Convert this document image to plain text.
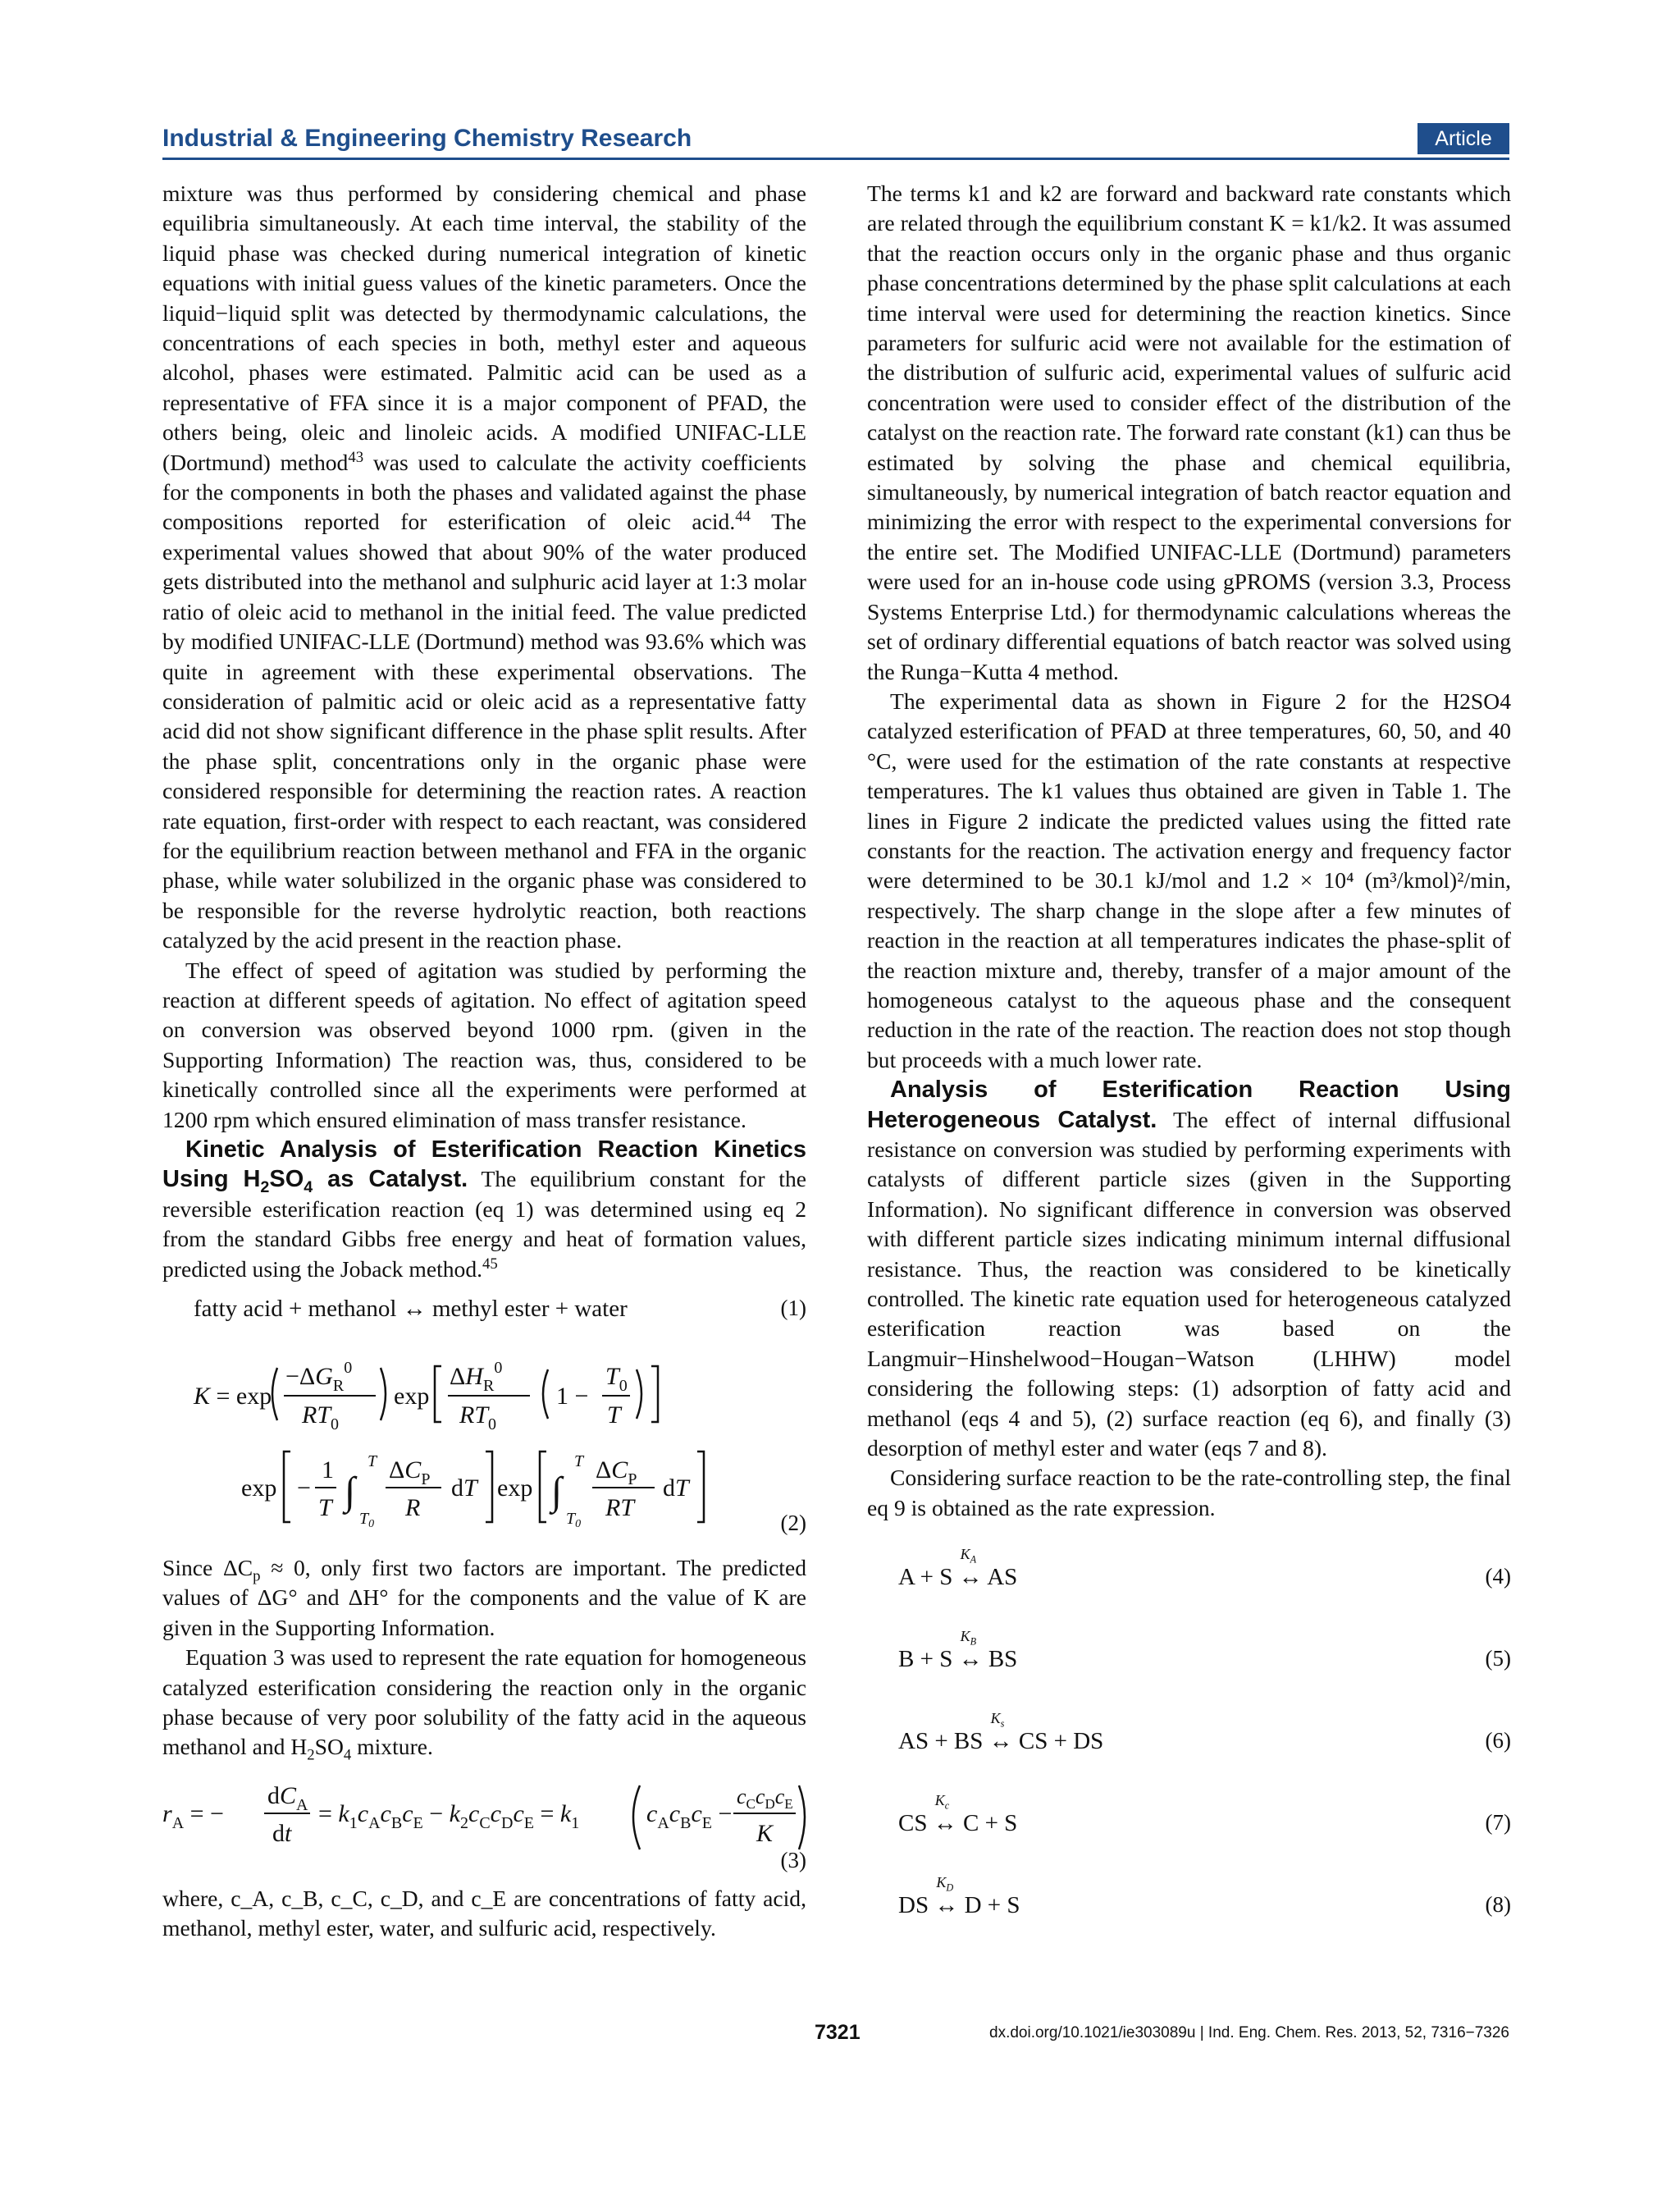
Industrial & Engineering Chemistry Research	Article

mixture was thus performed by considering chemical and phase equilibria simultaneously. At each time interval, the stability of the liquid phase was checked during numerical integration of kinetic equations with initial guess values of the kinetic parameters. Once the liquid−liquid split was detected by thermodynamic calculations, the concentrations of each species in both, methyl ester and aqueous alcohol, phases were estimated. Palmitic acid can be used as a representative of FFA since it is a major component of PFAD, the others being, oleic and linoleic acids. A modified UNIFAC-LLE (Dortmund) method$^{43}$ was used to calculate the activity coefficients for the components in both the phases and validated against the phase compositions reported for esterification of oleic acid.$^{44}$ The experimental values showed that about 90% of the water produced gets distributed into the methanol and sulphuric acid layer at 1:3 molar ratio of oleic acid to methanol in the initial feed. The value predicted by modified UNIFAC-LLE (Dortmund) method was 93.6% which was quite in agreement with these experimental observations. The consideration of palmitic acid or oleic acid as a representative fatty acid did not show significant difference in the phase split results. After the phase split, concentrations only in the organic phase were considered responsible for determining the reaction rates. A reaction rate equation, first-order with respect to each reactant, was considered for the equilibrium reaction between methanol and FFA in the organic phase, while water solubilized in the organic phase was considered to be responsible for the reverse hydrolytic reaction, both reactions catalyzed by the acid present in the reaction phase.

The effect of speed of agitation was studied by performing the reaction at different speeds of agitation. No effect of agitation speed on conversion was observed beyond 1000 rpm. (given in the Supporting Information) The reaction was, thus, considered to be kinetically controlled since all the experiments were performed at 1200 rpm which ensured elimination of mass transfer resistance.

Kinetic Analysis of Esterification Reaction Kinetics Using $H_2SO_4$ as Catalyst. The equilibrium constant for the reversible esterification reaction (eq 1) was determined using eq 2 from the standard Gibbs free energy and heat of formation values, predicted using the Joback method.$^{45}$

fatty acid + methanol ↔ methyl ester + water	(1)
K = exp
$-\Delta G_R^0$
$RT_0$
exp
$\Delta H_R^0$
$RT_0$
1 −
$T_0$
T
exp −
1
T ∫
T
$T_0$
$\Delta C_P$
R
dT exp ∫
T
$T_0$
$\Delta C_P$
RT
dT
(2)

Since $\Delta C_p \approx 0$, only first two factors are important. The predicted values of ΔG° and ΔH° for the components and the value of K are given in the Supporting Information.

Equation 3 was used to represent the rate equation for homogeneous catalyzed esterification considering the reaction only in the organic phase because of very poor solubility of the fatty acid in the aqueous methanol and $H_2SO_4$ mixture.

$r_A$ = −
$dC_A$
dt
= $k_1c_Ac_Bc_E - k_2c_Cc_Dc_E = k_1$	$c_Ac_Bc_E$ −
$c_Cc_Dc_E$
K
(3)

where, c_A, c_B, c_C, c_D, and c_E are concentrations of fatty acid, methanol, methyl ester, water, and sulfuric acid, respectively.

The terms k1 and k2 are forward and backward rate constants which are related through the equilibrium constant K = k1/k2. It was assumed that the reaction occurs only in the organic phase and thus organic phase concentrations determined by the phase split calculations at each time interval were used for determining the reaction kinetics. Since parameters for sulfuric acid were not available for the estimation of the distribution of sulfuric acid, experimental values of sulfuric acid concentration were used to consider effect of the distribution of the catalyst on the reaction rate. The forward rate constant (k1) can thus be estimated by solving the phase and chemical equilibria, simultaneously, by numerical integration of batch reactor equation and minimizing the error with respect to the experimental conversions for the entire set. The Modified UNIFAC-LLE (Dortmund) parameters were used for an in-house code using gPROMS (version 3.3, Process Systems Enterprise Ltd.) for thermodynamic calculations whereas the set of ordinary differential equations of batch reactor was solved using the Runga−Kutta 4 method.

The experimental data as shown in Figure 2 for the H2SO4 catalyzed esterification of PFAD at three temperatures, 60, 50, and 40 °C, were used for the estimation of the rate constants at respective temperatures. The k1 values thus obtained are given in Table 1. The lines in Figure 2 indicate the predicted values using the fitted rate constants for the reaction. The activation energy and frequency factor were determined to be 30.1 kJ/mol and 1.2 × 10⁴ (m³/kmol)²/min, respectively. The sharp change in the slope after a few minutes of reaction in the reaction at all temperatures indicates the phase-split of the reaction mixture and, thereby, transfer of a major amount of the homogeneous catalyst to the aqueous phase and the consequent reduction in the rate of the reaction. The reaction does not stop though but proceeds with a much lower rate.

Analysis of Esterification Reaction Using Heterogeneous Catalyst. The effect of internal diffusional resistance on conversion was studied by performing experiments with catalysts of different particle sizes (given in the Supporting Information). No significant difference in conversion was observed with different particle sizes indicating minimum internal diffusional resistance. Thus, the reaction was considered to be kinetically controlled. The kinetic rate equation used for heterogeneous catalyzed esterification reaction was based on the Langmuir−Hinshelwood−Hougan−Watson (LHHW) model considering the following steps: (1) adsorption of fatty acid and methanol (eqs 4 and 5), (2) surface reaction (eq 6), and finally (3) desorption of methyl ester and water (eqs 7 and 8).

Considering surface reaction to be the rate-controlling step, the final eq 9 is obtained as the rate expression.

A + S ↔
$K_A$
AS	(4)
B + S ↔
$K_B$
BS	(5)
AS + BS ↔
$K_s$
CS + DS	(6)
CS ↔
$K_c$
C + S	(7)
DS ↔
$K_D$
D + S	(8)
7321	dx.doi.org/10.1021/ie303089u | Ind. Eng. Chem. Res. 2013, 52, 7316−7326
